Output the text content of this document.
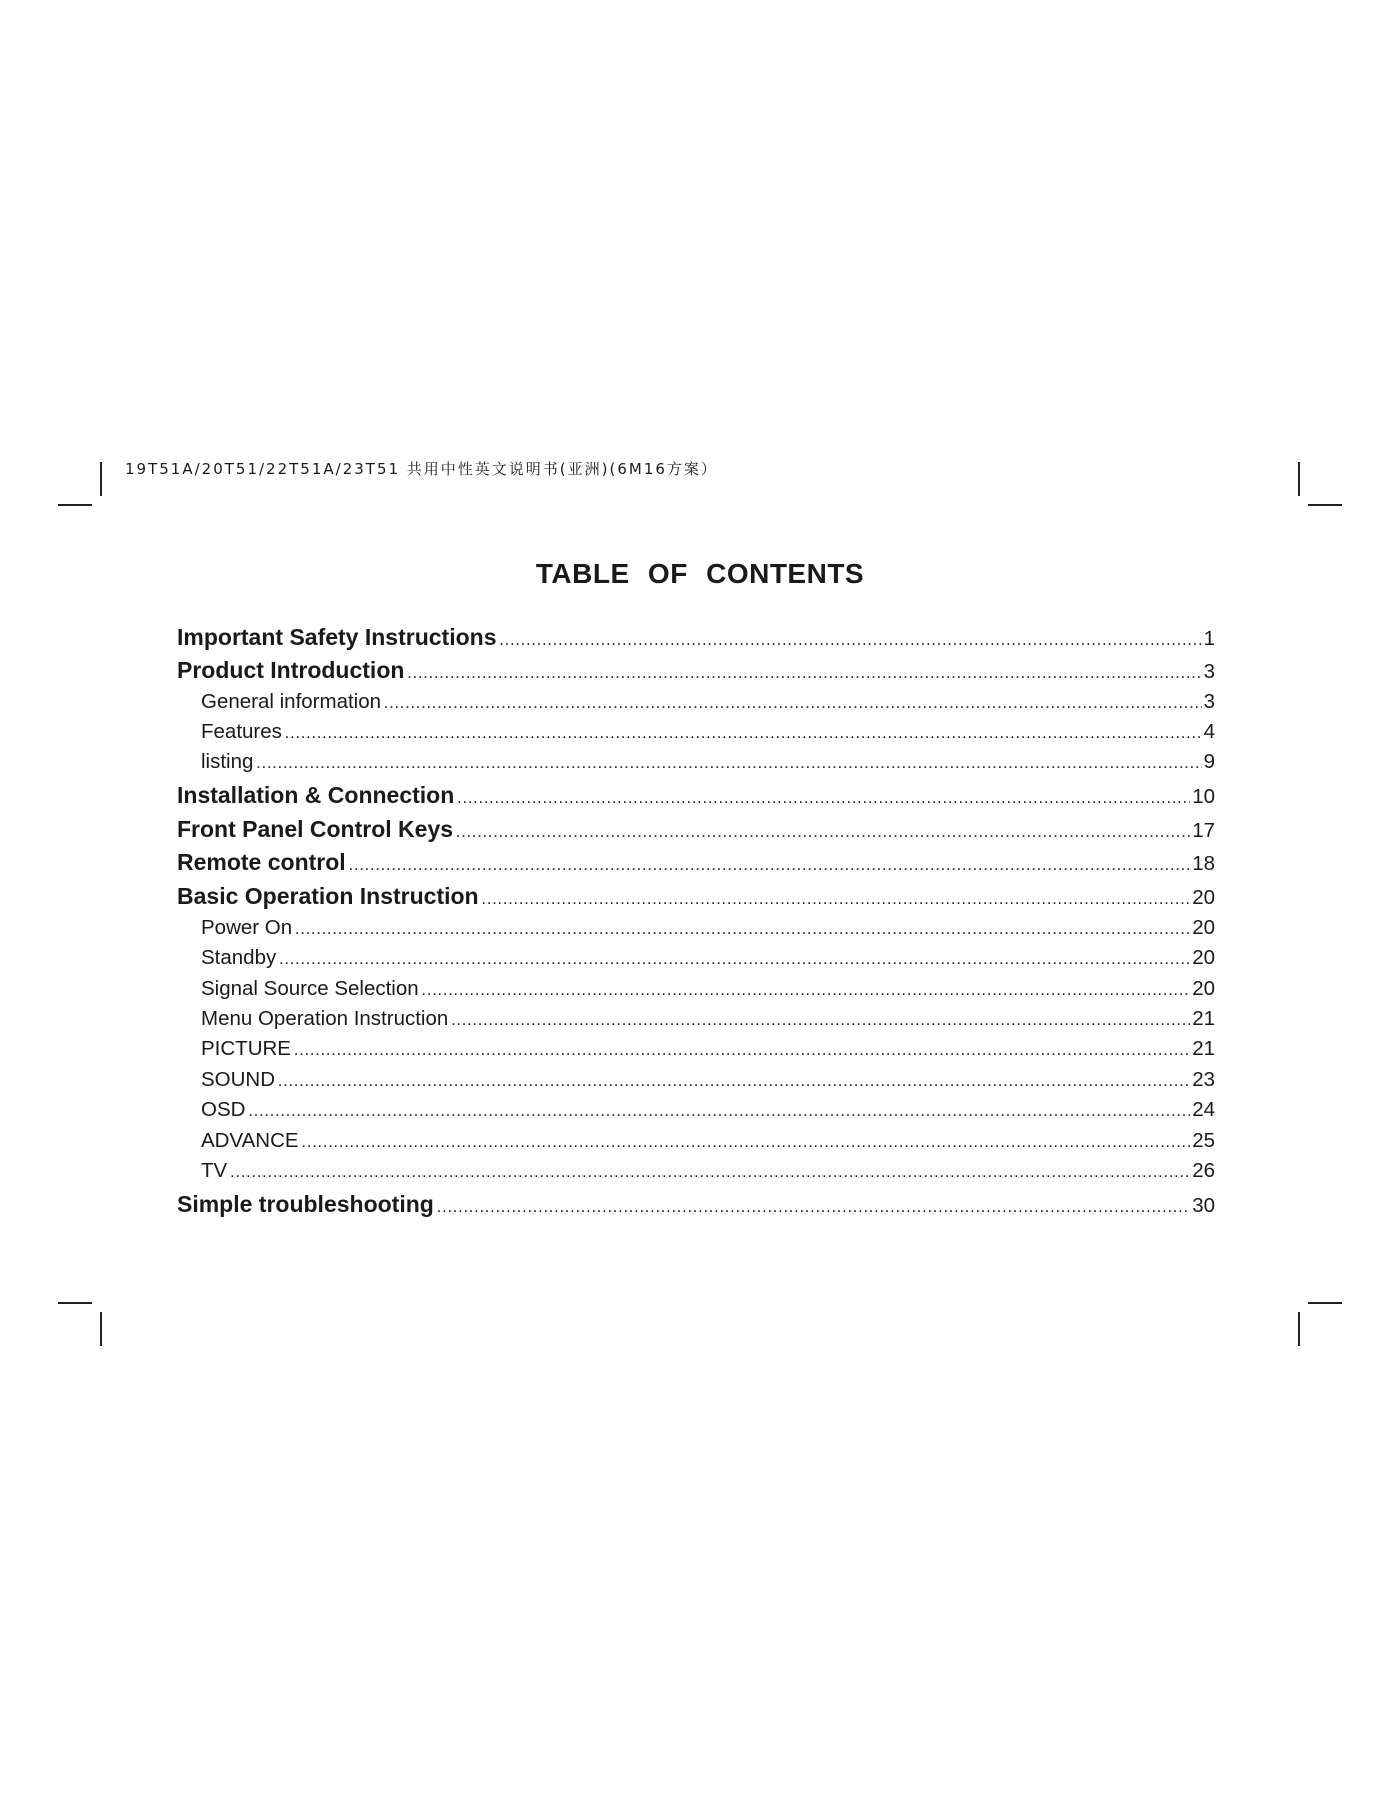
19T51A/20T51/22T51A/23T51 共用中性英文说明书(亚洲)(6M16方案）
TABLE OF CONTENTS
Important Safety Instructions ………………………………………………………………………………………………………………………………………………………………………………………………………………………………	1
Product Introduction ………………………………………………………………………………………………………………………………………………………………………………………………………………………………	3
General information ………………………………………………………………………………………………………………………………………………………………………………………………………………………………	3
Features ………………………………………………………………………………………………………………………………………………………………………………………………………………………………	4
listing ………………………………………………………………………………………………………………………………………………………………………………………………………………………………	9
Installation & Connection ………………………………………………………………………………………………………………………………………………………………………………………………………………………………	10
Front Panel Control Keys ………………………………………………………………………………………………………………………………………………………………………………………………………………………………	17
Remote control ………………………………………………………………………………………………………………………………………………………………………………………………………………………………	18
Basic Operation Instruction ………………………………………………………………………………………………………………………………………………………………………………………………………………………………	20
Power On ………………………………………………………………………………………………………………………………………………………………………………………………………………………………	20
Standby ………………………………………………………………………………………………………………………………………………………………………………………………………………………………	20
Signal Source Selection ………………………………………………………………………………………………………………………………………………………………………………………………………………………………	20
Menu Operation Instruction ………………………………………………………………………………………………………………………………………………………………………………………………………………………………	21
PICTURE ………………………………………………………………………………………………………………………………………………………………………………………………………………………………	21
SOUND ………………………………………………………………………………………………………………………………………………………………………………………………………………………………	23
OSD ………………………………………………………………………………………………………………………………………………………………………………………………………………………………	24
ADVANCE ………………………………………………………………………………………………………………………………………………………………………………………………………………………………	25
TV ………………………………………………………………………………………………………………………………………………………………………………………………………………………………	26
Simple troubleshooting ………………………………………………………………………………………………………………………………………………………………………………………………………………………………	30
